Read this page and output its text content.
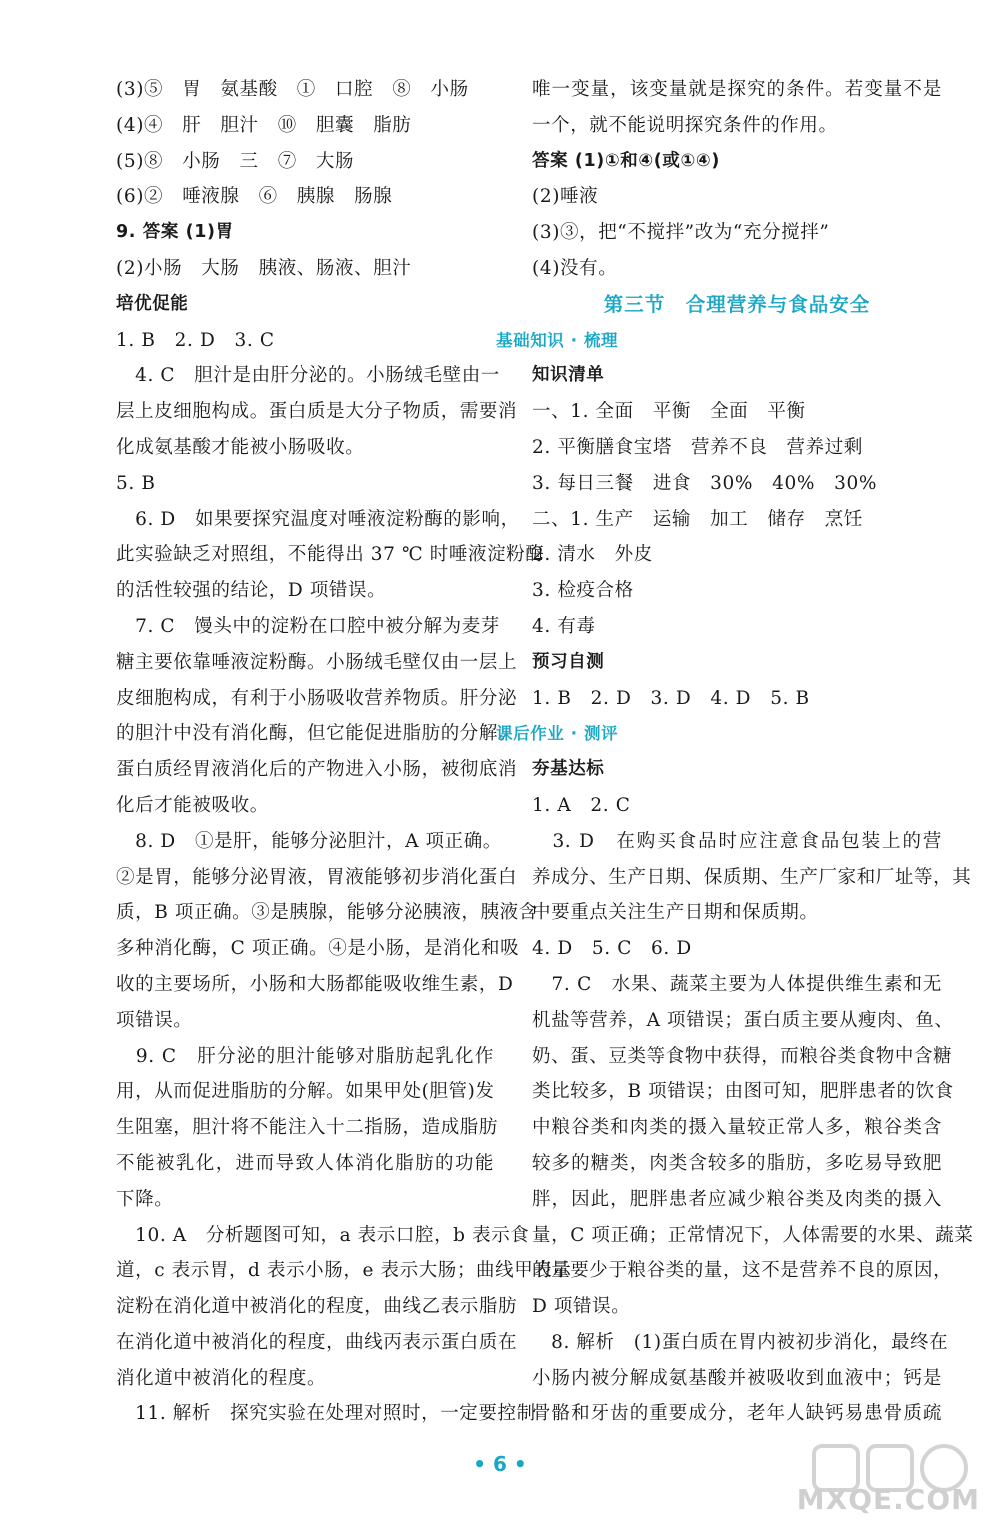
(3)⑤　胃　氨基酸　①　口腔　⑧　小肠
(4)④　肝　胆汁　⑩　胆囊　脂肪
(5)⑧　小肠　三　⑦　大肠
(6)②　唾液腺　⑥　胰腺　肠腺
9. 答案 (1)胃
(2)小肠　大肠　胰液、肠液、胆汁
培优促能
1. B　2. D　3. C
　4. C　胆汁是由肝分泌的。小肠绒毛壁由一
层上皮细胞构成。蛋白质是大分子物质，需要消
化成氨基酸才能被小肠吸收。
5. B
　6. D　如果要探究温度对唾液淀粉酶的影响，
此实验缺乏对照组，不能得出 37 ℃ 时唾液淀粉酶
的活性较强的结论，D 项错误。
　7. C　馒头中的淀粉在口腔中被分解为麦芽
糖主要依靠唾液淀粉酶。小肠绒毛壁仅由一层上
皮细胞构成，有利于小肠吸收营养物质。肝分泌
的胆汁中没有消化酶，但它能促进脂肪的分解。
蛋白质经胃液消化后的产物进入小肠，被彻底消
化后才能被吸收。
　8. D　①是肝，能够分泌胆汁，A 项正确。
②是胃，能够分泌胃液，胃液能够初步消化蛋白
质，B 项正确。③是胰腺，能够分泌胰液，胰液含
多种消化酶，C 项正确。④是小肠，是消化和吸
收的主要场所，小肠和大肠都能吸收维生素，D
项错误。
　9. C　肝分泌的胆汁能够对脂肪起乳化作
用，从而促进脂肪的分解。如果甲处(胆管)发
生阻塞，胆汁将不能注入十二指肠，造成脂肪
不能被乳化，进而导致人体消化脂肪的功能
下降。
　10. A　分析题图可知，a 表示口腔，b 表示食
道，c 表示胃，d 表示小肠，e 表示大肠；曲线甲表示
淀粉在消化道中被消化的程度，曲线乙表示脂肪
在消化道中被消化的程度，曲线丙表示蛋白质在
消化道中被消化的程度。
　11. 解析　探究实验在处理对照时，一定要控制
唯一变量，该变量就是探究的条件。若变量不是
一个，就不能说明探究条件的作用。
答案 (1)①和④(或①④)
(2)唾液
(3)③，把“不搅拌”改为“充分搅拌”
(4)没有。
第三节　合理营养与食品安全
基础知识 · 梳理
知识清单
一、1. 全面　平衡　全面　平衡
2. 平衡膳食宝塔　营养不良　营养过剩
3. 每日三餐　进食　30%　40%　30%
二、1. 生产　运输　加工　储存　烹饪
2. 清水　外皮
3. 检疫合格
4. 有毒
预习自测
1. B　2. D　3. D　4. D　5. B
课后作业 · 测评
夯基达标
1. A　2. C
　3. D　在购买食品时应注意食品包装上的营
养成分、生产日期、保质期、生产厂家和厂址等，其
中要重点关注生产日期和保质期。
4. D　5. C　6. D
　7. C　水果、蔬菜主要为人体提供维生素和无
机盐等营养，A 项错误；蛋白质主要从瘦肉、鱼、
奶、蛋、豆类等食物中获得，而粮谷类食物中含糖
类比较多，B 项错误；由图可知，肥胖患者的饮食
中粮谷类和肉类的摄入量较正常人多，粮谷类含
较多的糖类，肉类含较多的脂肪，多吃易导致肥
胖，因此，肥胖患者应减少粮谷类及肉类的摄入
量，C 项正确；正常情况下，人体需要的水果、蔬菜
的量要少于粮谷类的量，这不是营养不良的原因，
D 项错误。
　8. 解析　(1)蛋白质在胃内被初步消化，最终在
小肠内被分解成氨基酸并被吸收到血液中；钙是
骨骼和牙齿的重要成分，老年人缺钙易患骨质疏
• 6 •
MXQE.COM
